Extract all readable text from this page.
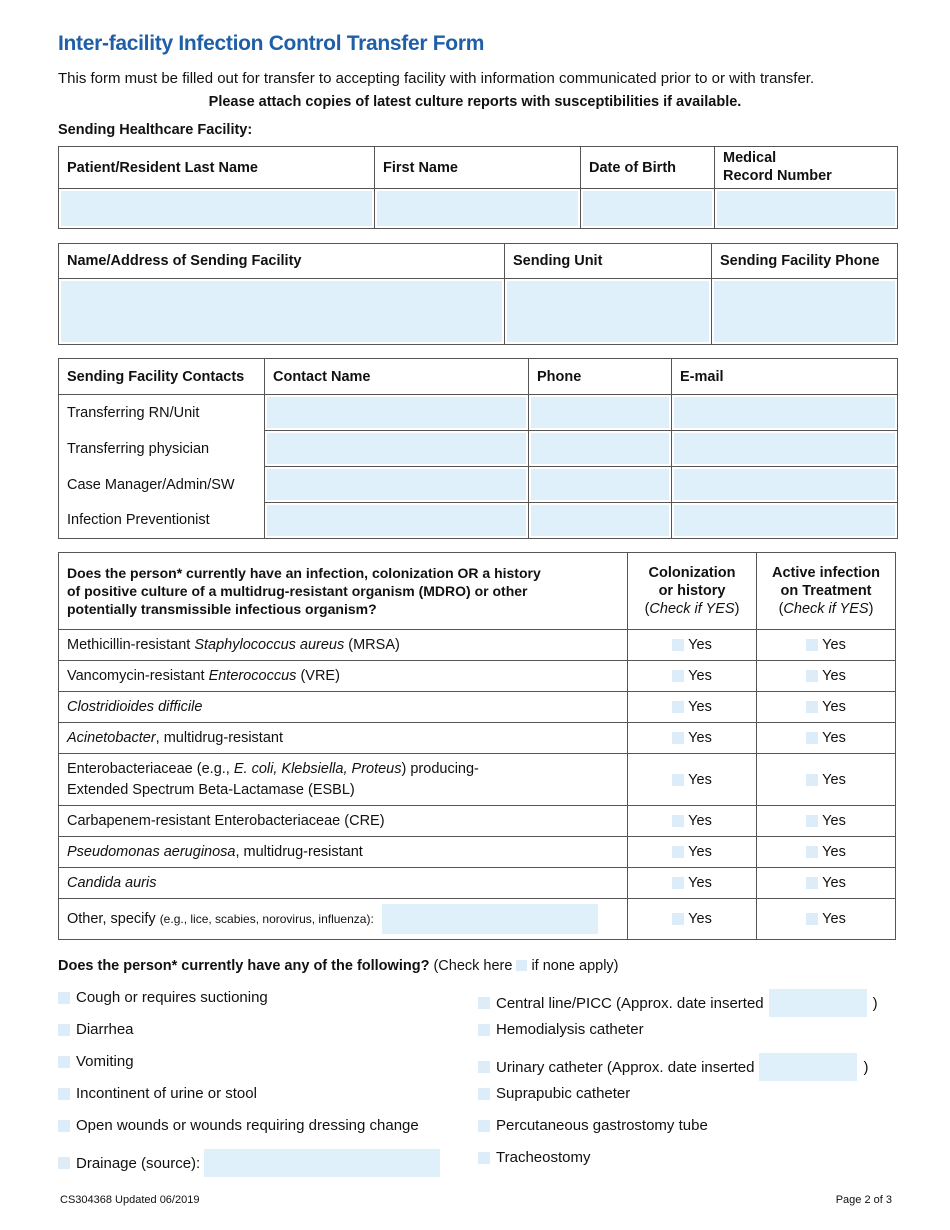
Inter-facility Infection Control Transfer Form
This form must be filled out for transfer to accepting facility with information communicated prior to or with transfer.
Please attach copies of latest culture reports with susceptibilities if available.
Sending Healthcare Facility:
Patient/Resident Last Name	First Name	Date of Birth	Medical
Record Number

Name/Address of Sending Facility	Sending Unit	Sending Facility Phone

Sending Facility Contacts	Contact Name	Phone	E-mail
Transferring RN/Unit	

Transferring physician	

Case Manager/Admin/SW	

Infection Preventionist	

Does the person* currently have an infection, colonization OR a history of positive culture of a multidrug-resistant organism (MDRO) or other potentially transmissible infectious organism?	Colonization
or history
(Check if YES)	Active infection
on Treatment
(Check if YES)
Methicillin-resistant Staphylococcus aureus (MRSA)	Yes	Yes
Vancomycin-resistant Enterococcus (VRE)	Yes	Yes
Clostridioides difficile	Yes	Yes
Acinetobacter, multidrug-resistant	Yes	Yes
Enterobacteriaceae (e.g., E. coli, Klebsiella, Proteus) producing-
Extended Spectrum Beta-Lactamase (ESBL)	Yes	Yes
Carbapenem-resistant Enterobacteriaceae (CRE)	Yes	Yes
Pseudomonas aeruginosa, multidrug-resistant	Yes	Yes
Candida auris	Yes	Yes
Other, specify (e.g., lice, scabies, norovirus, influenza):	Yes	Yes
Does the person* currently have any of the following? (Check here if none apply)
Cough or requires suctioning
Diarrhea
Vomiting
Incontinent of urine or stool
Open wounds or wounds requiring dressing change
Drainage (source):
Central line/PICC (Approx. date inserted	)
Hemodialysis catheter
Urinary catheter (Approx. date inserted	)
Suprapubic catheter
Percutaneous gastrostomy tube
Tracheostomy
CS304368 Updated 06/2019	Page 2 of 3
